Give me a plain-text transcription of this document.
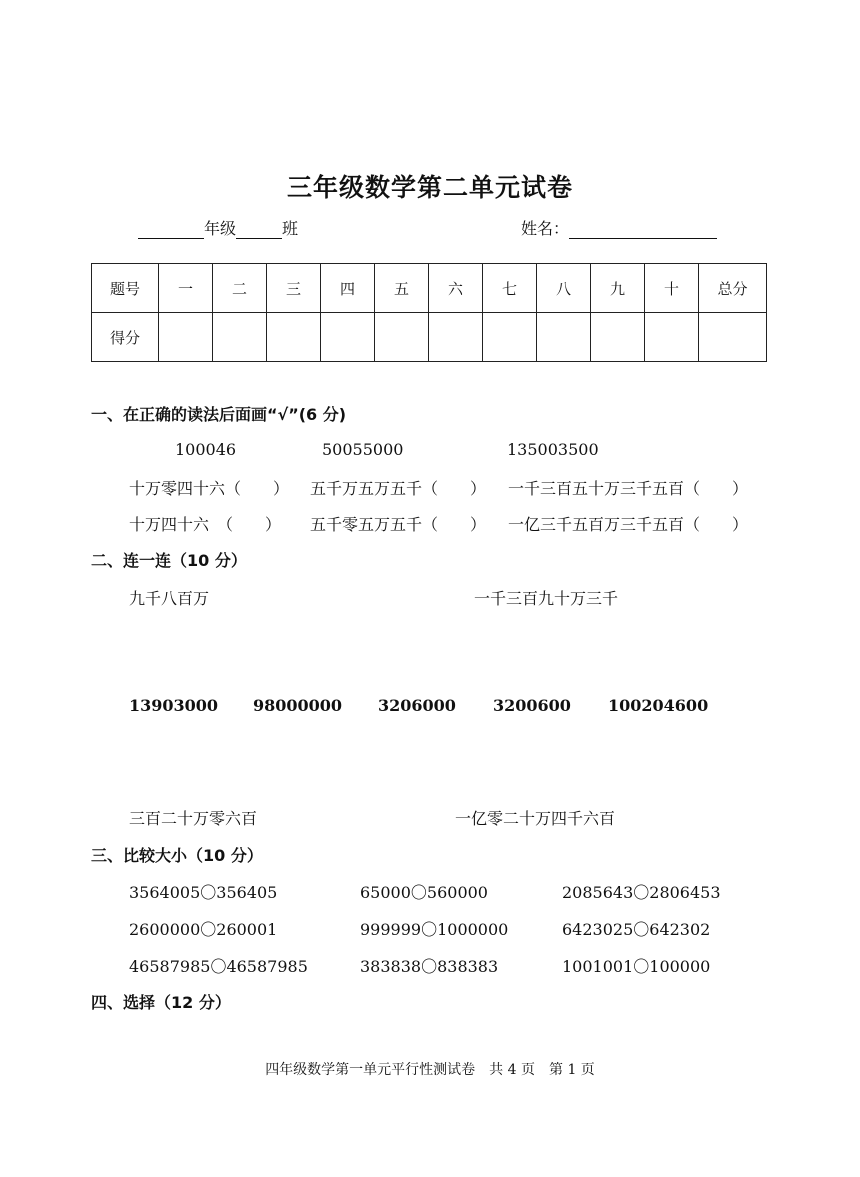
三年级数学第二单元试卷
年级	班	姓名：
题号	一	二	三	四	五	六	七	八	九	十	总分
得分											
一、在正确的读法后面画“√”(6 分)
100046	50055000	135003500
十万零四十六（　　） 五千万五万五千（　　） 一千三百五十万三千五百（　　）
十万四十六　（　　） 五千零五万五千（　　） 一亿三千五百万三千五百（　　）
二、连一连（10 分）
九千八百万	一千三百九十万三千
13903000 98000000 3206000 3200600 100204600
三百二十万零六百	一亿零二十万四千六百
三、比较大小（10 分）
3564005〇356405	65000〇560000	2085643〇2806453
2600000〇260001	999999〇1000000	6423025〇642302
46587985〇46587985	383838〇838383	1001001〇100000
四、选择（12 分）
四年级数学第一单元平行性测试卷　共 4 页　第 1 页
